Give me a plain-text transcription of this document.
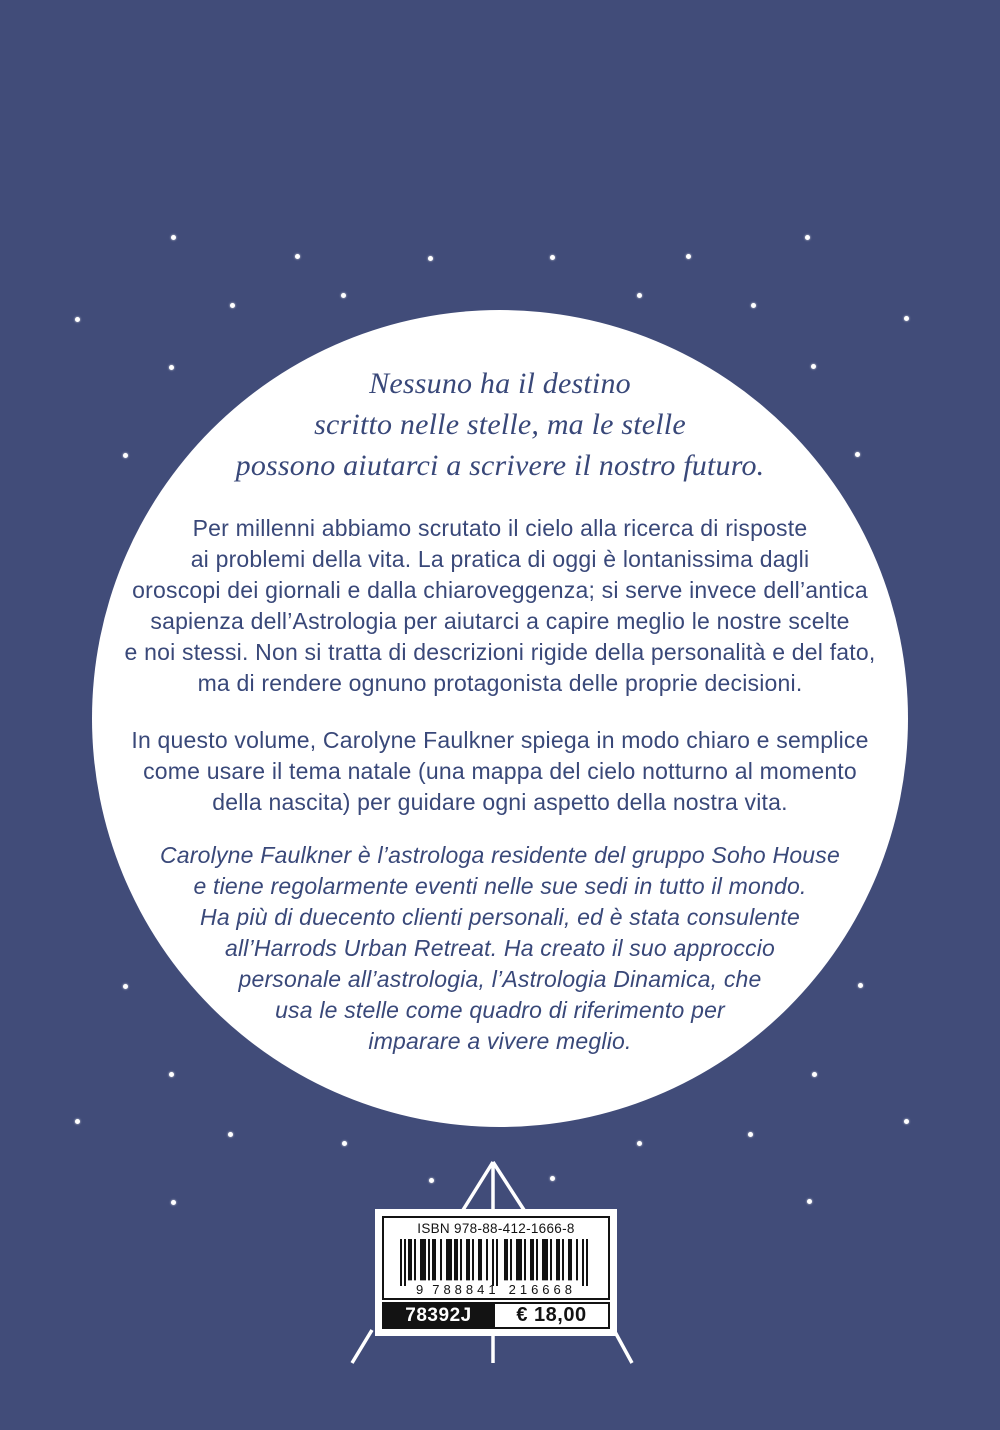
Nessuno ha il destino
scritto nelle stelle, ma le stelle
possono aiutarci a scrivere il nostro futuro.
Per millenni abbiamo scrutato il cielo alla ricerca di risposte
ai problemi della vita. La pratica di oggi è lontanissima dagli
oroscopi dei giornali e dalla chiaroveggenza; si serve invece dell’antica
sapienza dell’Astrologia per aiutarci a capire meglio le nostre scelte
e noi stessi. Non si tratta di descrizioni rigide della personalità e del fato,
ma di rendere ognuno protagonista delle proprie decisioni.
In questo volume, Carolyne Faulkner spiega in modo chiaro e semplice
come usare il tema natale (una mappa del cielo notturno al momento
della nascita) per guidare ogni aspetto della nostra vita.
Carolyne Faulkner è l’astrologa residente del gruppo Soho House
e tiene regolarmente eventi nelle sue sedi in tutto il mondo.
Ha più di duecento clienti personali, ed è stata consulente
all’Harrods Urban Retreat. Ha creato il suo approccio
personale all’astrologia, l’Astrologia Dinamica, che
usa le stelle come quadro di riferimento per
imparare a vivere meglio.
ISBN 978-88-412-1666-8
9 788841 216668
78392J	€ 18,00
